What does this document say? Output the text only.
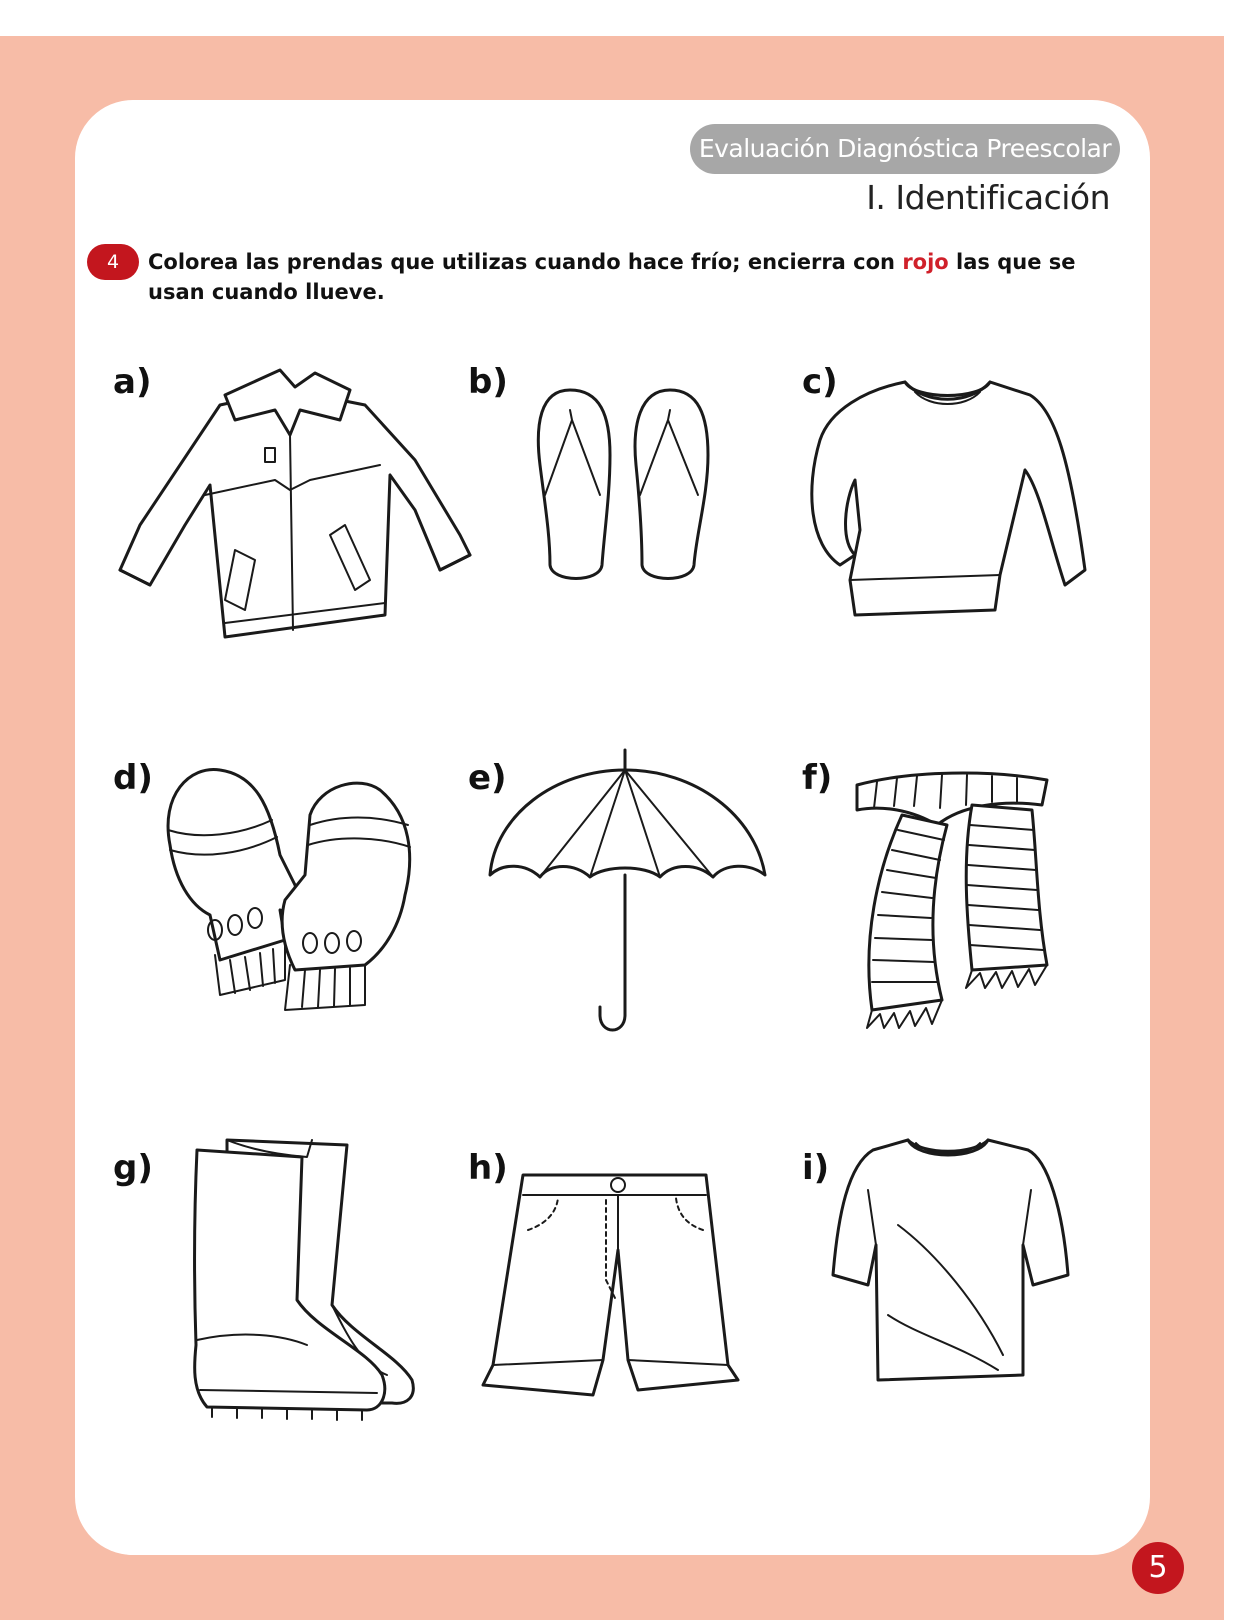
Evaluación Diagnóstica Preescolar
I. Identificación
4	Colorea las prendas que utilizas cuando hace frío; encierra con rojo las que se usan cuando llueve.
a)	b)	c)
d)	e)	f)
g)	h)	i)
5
